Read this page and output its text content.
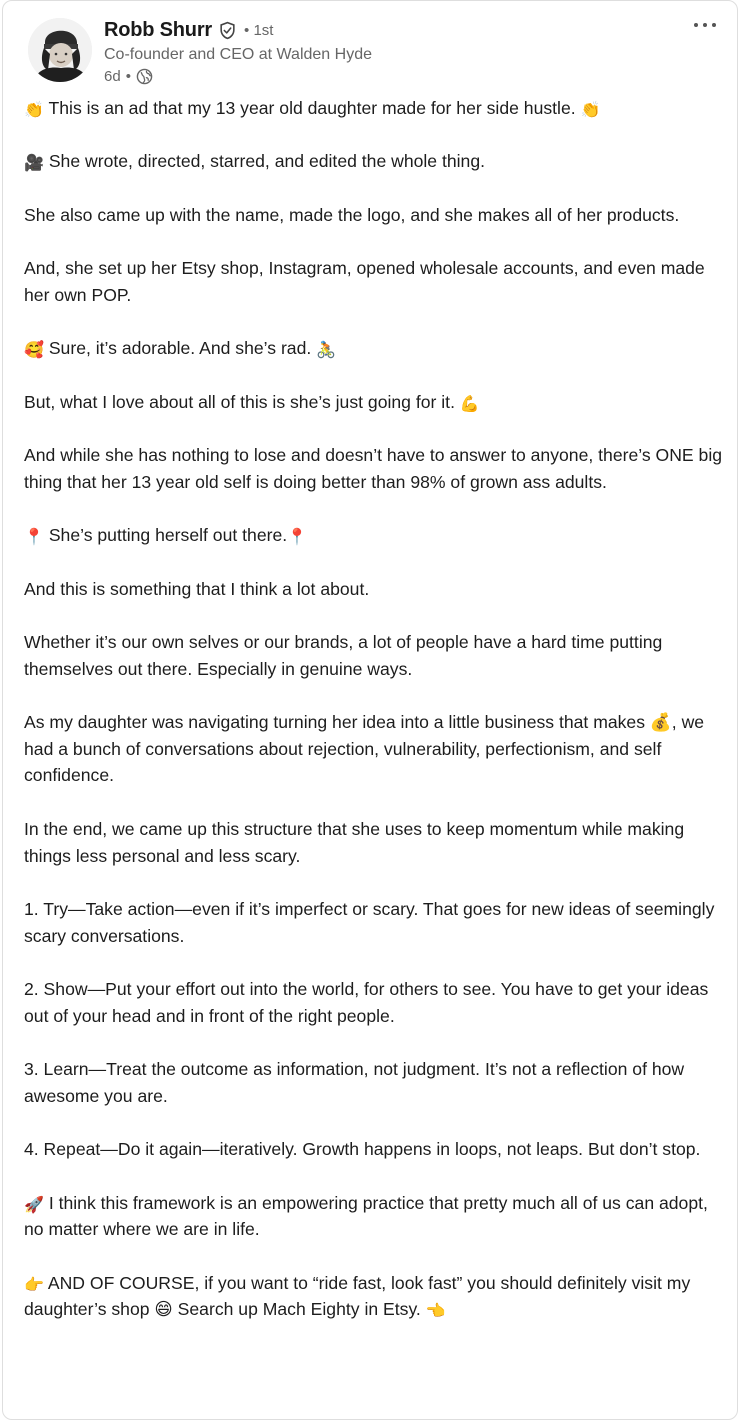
Robb Shurr • 1st
Co-founder and CEO at Walden Hyde
6d •

👏 This is an ad that my 13 year old daughter made for her side hustle. 👏

🎥 She wrote, directed, starred, and edited the whole thing.

She also came up with the name, made the logo, and she makes all of her products.

And, she set up her Etsy shop, Instagram, opened wholesale accounts, and even made her own POP.

🥰 Sure, it’s adorable. And she’s rad. 🚴

But, what I love about all of this is she’s just going for it. 💪

And while she has nothing to lose and doesn’t have to answer to anyone, there’s ONE big thing that her 13 year old self is doing better than 98% of grown ass adults.

📍 She’s putting herself out there.📍

And this is something that I think a lot about.

Whether it’s our own selves or our brands, a lot of people have a hard time putting themselves out there. Especially in genuine ways.

As my daughter was navigating turning her idea into a little business that makes 💰, we had a bunch of conversations about rejection, vulnerability, perfectionism, and self confidence.

In the end, we came up this structure that she uses to keep momentum while making things less personal and less scary.

1. Try—Take action—even if it’s imperfect or scary. That goes for new ideas of seemingly scary conversations.

2. Show—Put your effort out into the world, for others to see. You have to get your ideas out of your head and in front of the right people.

3. Learn—Treat the outcome as information, not judgment. It’s not a reflection of how awesome you are.

4. Repeat—Do it again—iteratively. Growth happens in loops, not leaps. But don’t stop.

🚀 I think this framework is an empowering practice that pretty much all of us can adopt, no matter where we are in life.

👉 AND OF COURSE, if you want to “ride fast, look fast” you should definitely visit my daughter’s shop 😄 Search up Mach Eighty in Etsy. 👈
